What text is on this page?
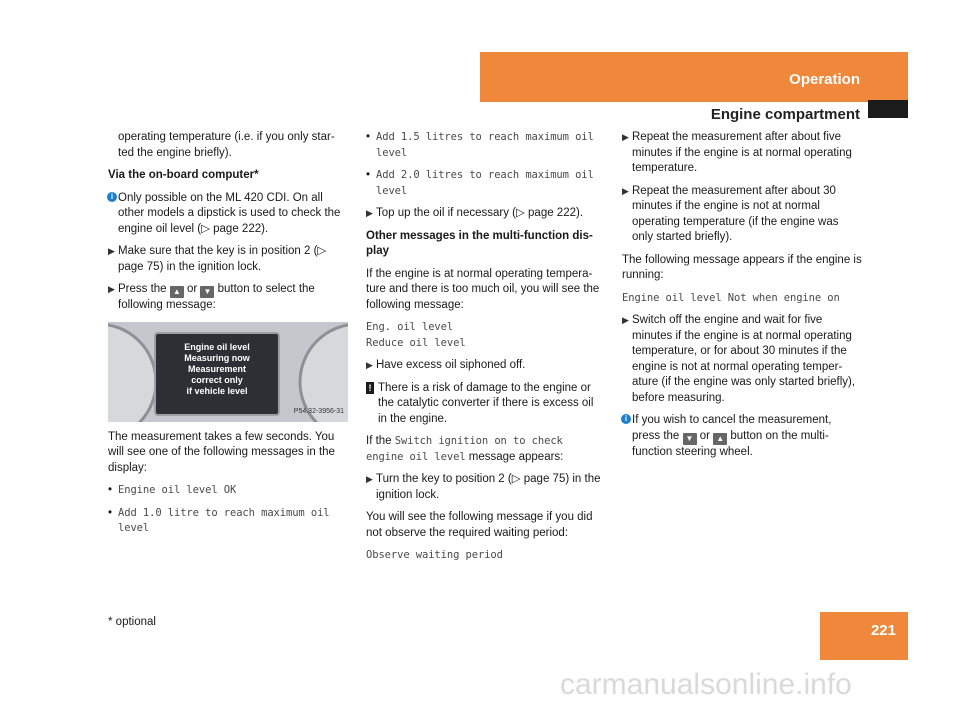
Operation
Engine compartment

operating temperature (i.e. if you only star-ted the engine briefly).

Via the on-board computer*

i Only possible on the ML 420 CDI. On all other models a dipstick is used to check the engine oil level (▷ page 222).
▶ Make sure that the key is in position 2 (▷ page 75) in the ignition lock.
▶ Press the ▲ or ▼ button to select the following message:
Engine oil level
Measuring now
Measurement
correct only
if vehicle level
P54.32-3956-31

The measurement takes a few seconds. You will see one of the following messages in the display:

• Engine oil level OK
• Add 1.0 litre to reach maximum oil level
• Add 1.5 litres to reach maximum oil level
• Add 2.0 litres to reach maximum oil level
▶ Top up the oil if necessary (▷ page 222).

Other messages in the multi-function dis-play

If the engine is at normal operating tempera-ture and there is too much oil, you will see the following message:

Eng. oil level

Reduce oil level

▶ Have excess oil siphoned off.
! There is a risk of damage to the engine or the catalytic converter if there is excess oil in the engine.

If the Switch ignition on to check engine oil level message appears:

▶ Turn the key to position 2 (▷ page 75) in the ignition lock.

You will see the following message if you did not observe the required waiting period:

Observe waiting period

▶ Repeat the measurement after about five minutes if the engine is at normal operating temperature.
▶ Repeat the measurement after about 30 minutes if the engine is not at normal operating temperature (if the engine was only started briefly).

The following message appears if the engine is running:

Engine oil level Not when engine on

▶ Switch off the engine and wait for five minutes if the engine is at normal operating temperature, or for about 30 minutes if the engine is not at normal operating temper-ature (if the engine was only started briefly), before measuring.
i If you wish to cancel the measurement, press the ▼ or ▲ button on the multi-function steering wheel.
221
* optional
carmanualsonline.info
